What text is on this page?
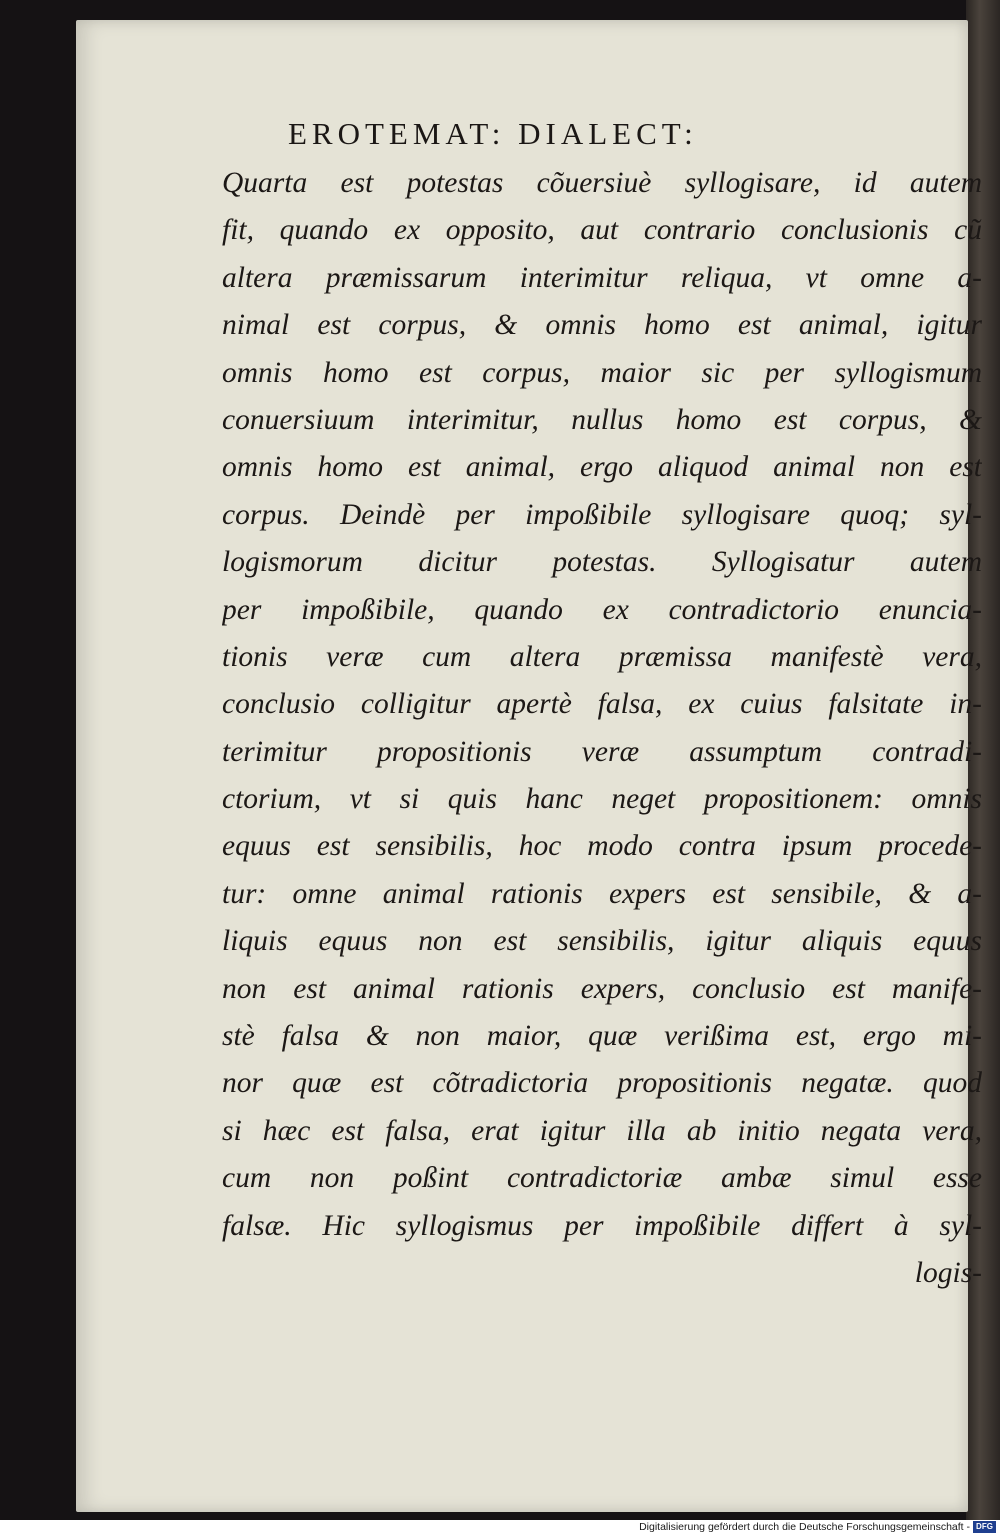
EROTEMAT: DIALECT:
Quarta est potestas cõuersiuè syllogisare, id autem
fit, quando ex opposito, aut contrario conclusionis cũ
altera præmissarum interimitur reliqua, vt omne a-
nimal est corpus, & omnis homo est animal, igitur
omnis homo est corpus, maior sic per syllogismum
conuersiuum interimitur, nullus homo est corpus, &
omnis homo est animal, ergo aliquod animal non est
corpus. Deindè per impoßibile syllogisare quoq; syl-
logismorum dicitur potestas. Syllogisatur autem
per impoßibile, quando ex contradictorio enuncia-
tionis veræ cum altera præmissa manifestè vera,
conclusio colligitur apertè falsa, ex cuius falsitate in-
terimitur propositionis veræ assumptum contradi-
ctorium, vt si quis hanc neget propositionem: omnis
equus est sensibilis, hoc modo contra ipsum procede-
tur: omne animal rationis expers est sensibile, & a-
liquis equus non est sensibilis, igitur aliquis equus
non est animal rationis expers, conclusio est manife-
stè falsa & non maior, quæ verißima est, ergo mi-
nor quæ est cõtradictoria propositionis negatæ. quod
si hæc est falsa, erat igitur illa ab initio negata vera,
cum non poßint contradictoriæ ambæ simul esse
falsæ. Hic syllogismus per impoßibile differt à syl-
logis-
Digitalisierung gefördert durch die Deutsche Forschungsgemeinschaft - DFG
